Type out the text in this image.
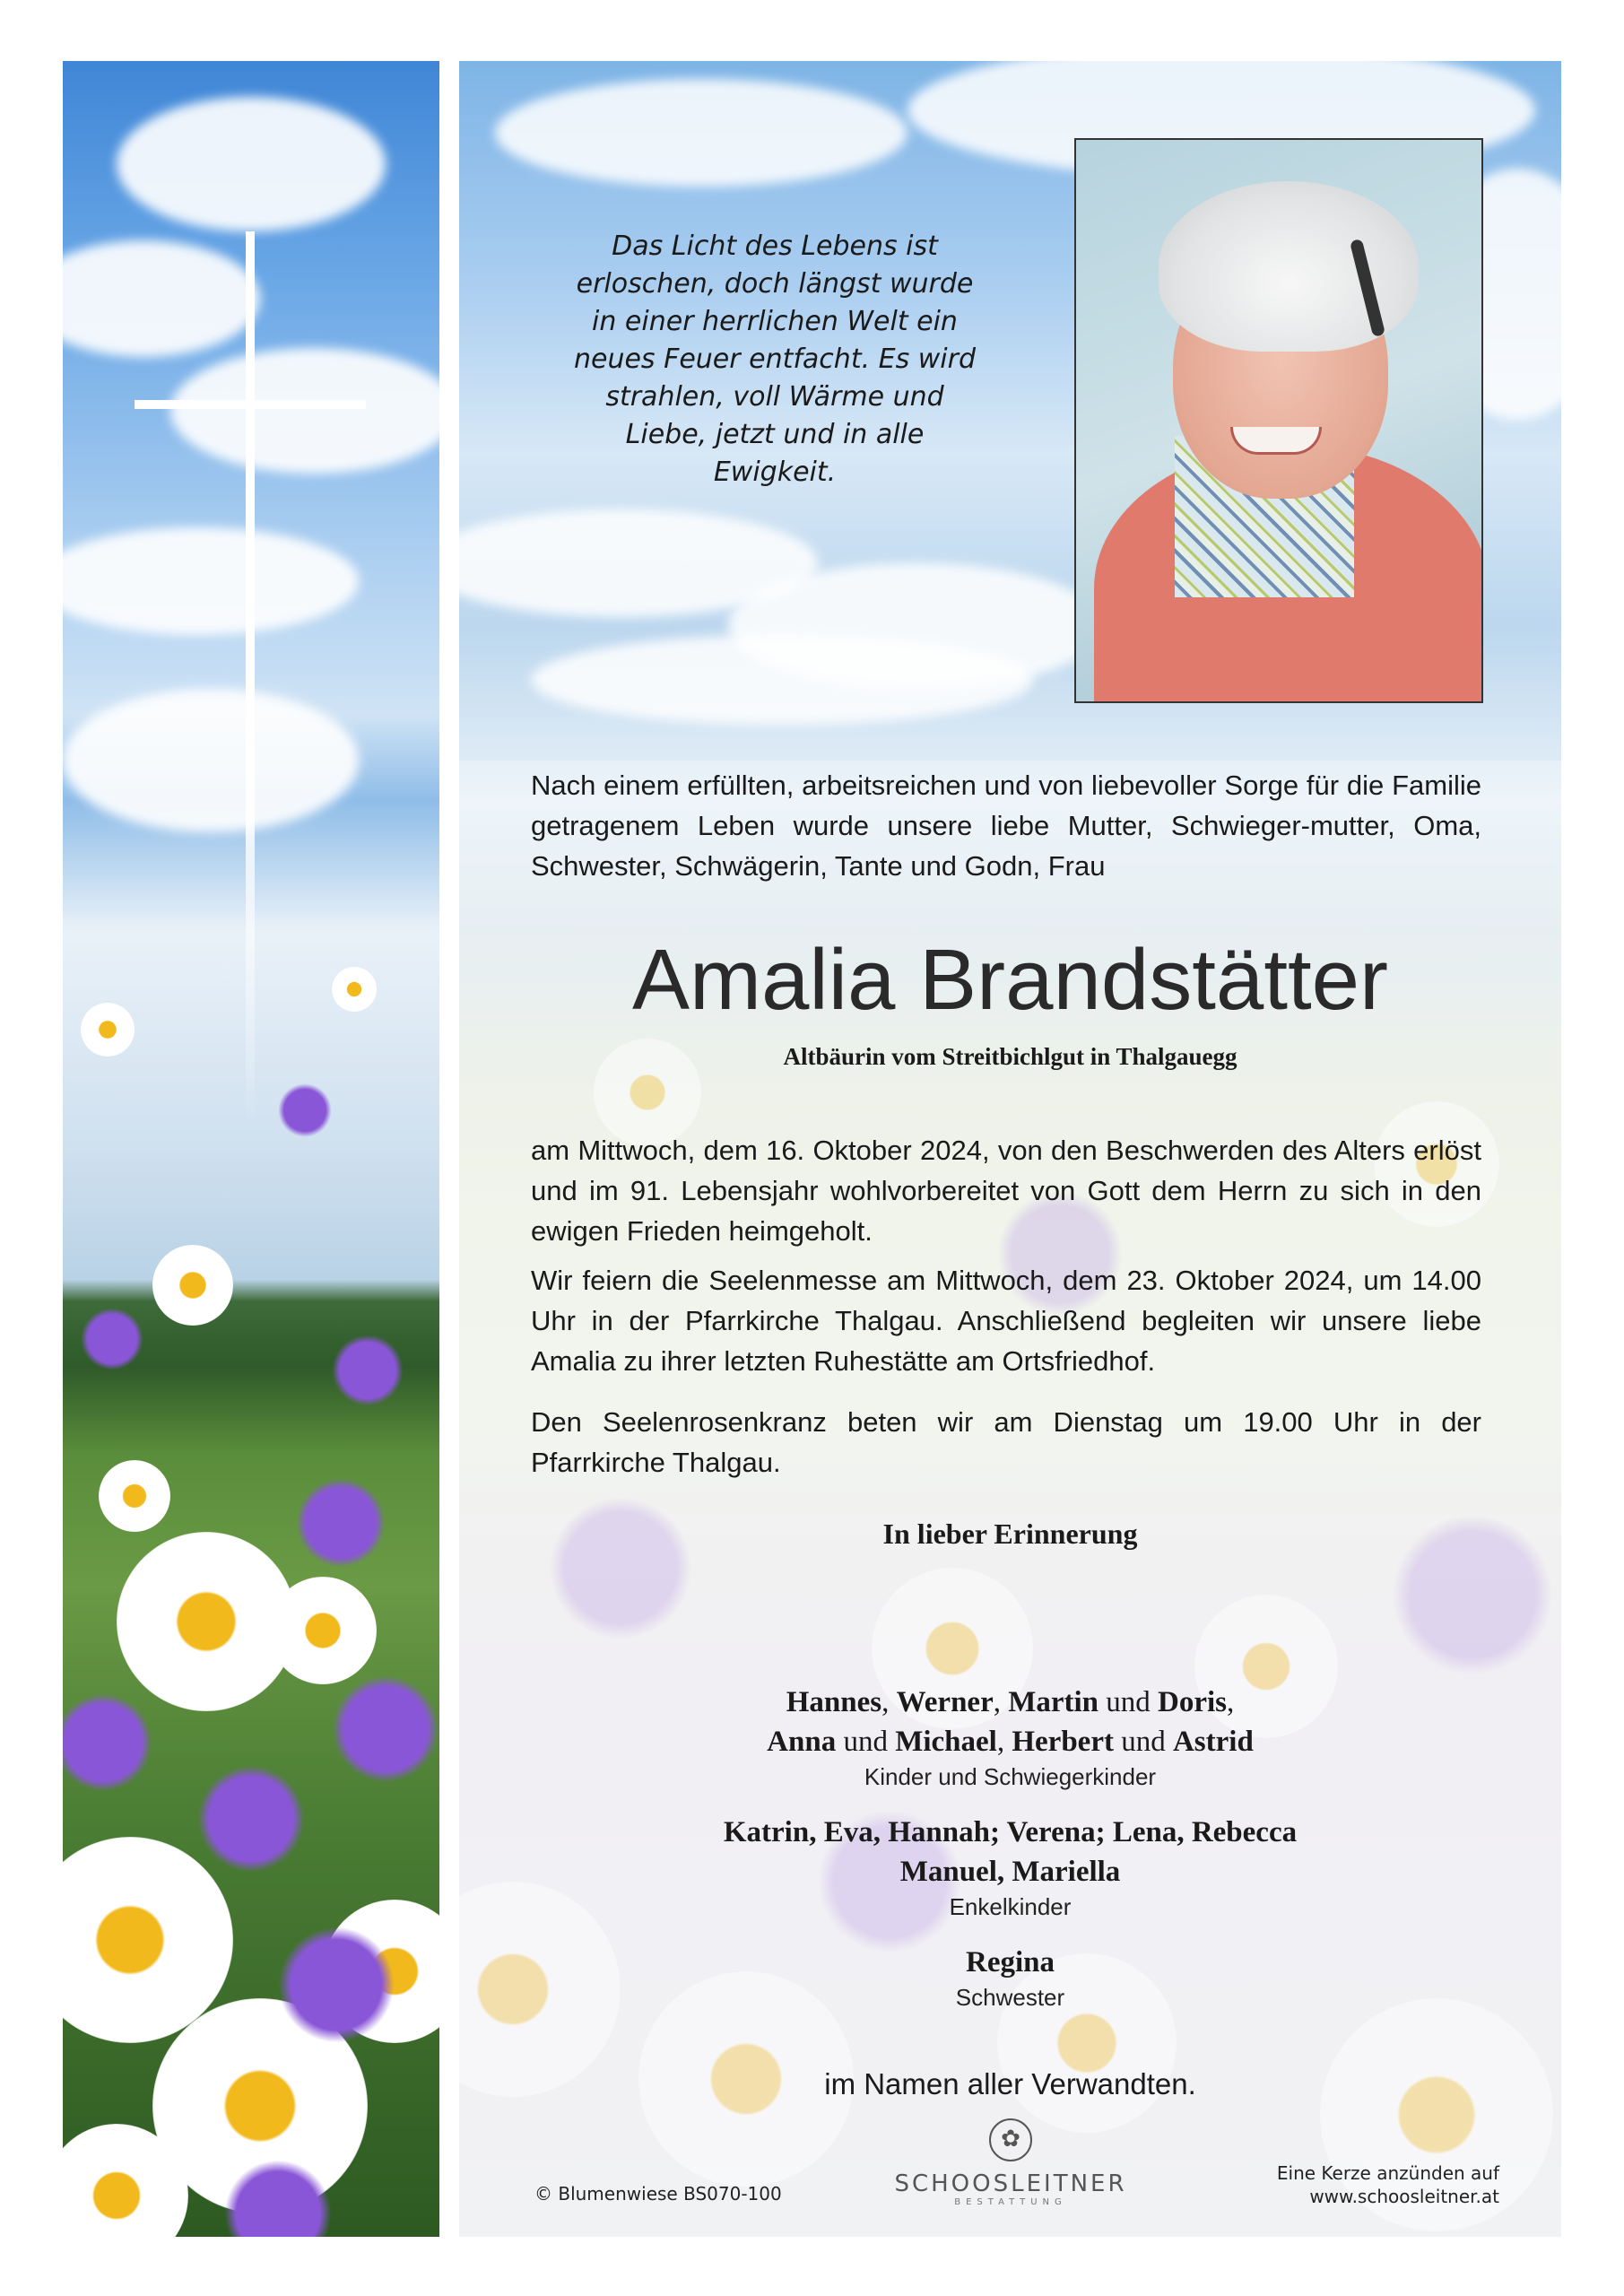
Das Licht des Lebens ist
erloschen, doch längst wurde
in einer herrlichen Welt ein
neues Feuer entfacht. Es wird
strahlen, voll Wärme und
Liebe, jetzt und in alle
Ewigkeit.
Nach einem erfüllten, arbeitsreichen und von liebevoller Sorge für die Familie getragenem Leben wurde unsere liebe Mutter, Schwieger-mutter, Oma, Schwester, Schwägerin, Tante und Godn, Frau
Amalia Brandstätter
Altbäurin vom Streitbichlgut in Thalgauegg
am Mittwoch, dem 16. Oktober 2024, von den Beschwerden des Alters erlöst und im 91. Lebensjahr wohlvorbereitet von Gott dem Herrn zu sich in den ewigen Frieden heimgeholt.
Wir feiern die Seelenmesse am Mittwoch, dem 23. Oktober 2024, um 14.00 Uhr in der Pfarrkirche Thalgau. Anschließend begleiten wir unsere liebe Amalia zu ihrer letzten Ruhestätte am Ortsfriedhof.
Den Seelenrosenkranz beten wir am Dienstag um 19.00 Uhr in der Pfarrkirche Thalgau.
In lieber Erinnerung
Hannes, Werner, Martin und Doris,
Anna und Michael, Herbert und Astrid
Kinder und Schwiegerkinder
Katrin, Eva, Hannah; Verena; Lena, Rebecca
Manuel, Mariella
Enkelkinder
Regina
Schwester
im Namen aller Verwandten.
© Blumenwiese BS070-100
✿
SCHOOSLEITNER
BESTATTUNG
Eine Kerze anzünden auf
www.schoosleitner.at
